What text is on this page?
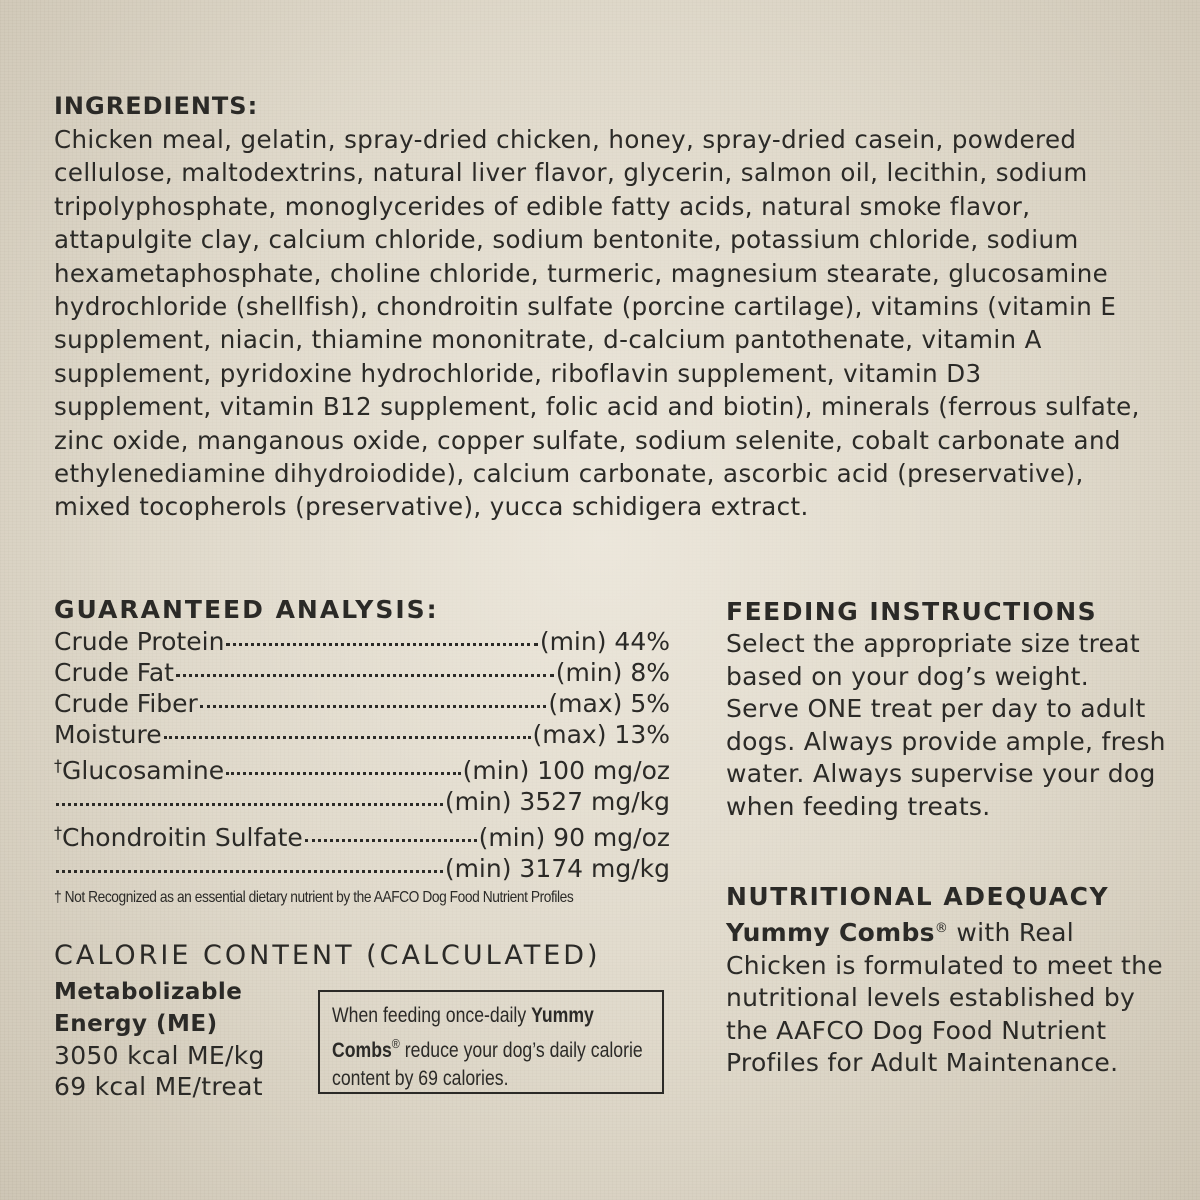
INGREDIENTS:

Chicken meal, gelatin, spray-dried chicken, honey, spray-dried casein, powdered cellulose, maltodextrins, natural liver flavor, glycerin, salmon oil, lecithin, sodium tripolyphosphate, monoglycerides of edible fatty acids, natural smoke flavor, attapulgite clay, calcium chloride, sodium bentonite, potassium chloride, sodium hexametaphosphate, choline chloride, turmeric, magnesium stearate, glucosamine hydrochloride (shellfish), chondroitin sulfate (porcine cartilage), vitamins (vitamin E supplement, niacin, thiamine mononitrate, d-calcium pantothenate, vitamin A supplement, pyridoxine hydrochloride, riboflavin supplement, vitamin D3 supplement, vitamin B12 supplement, folic acid and biotin), minerals (ferrous sulfate, zinc oxide, manganous oxide, copper sulfate, sodium selenite, cobalt carbonate and ethylenediamine dihydroiodide), calcium carbonate, ascorbic acid (preservative), mixed tocopherols (preservative), yucca schidigera extract.

GUARANTEED ANALYSIS:
Crude Protein	(min) 44%
Crude Fat	(min) 8%
Crude Fiber	(max) 5%
Moisture	(max) 13%
†Glucosamine	(min) 100 mg/oz
(min) 3527 mg/kg
†Chondroitin Sulfate	(min) 90 mg/oz
(min) 3174 mg/kg
† Not Recognized as an essential dietary nutrient by the AAFCO Dog Food Nutrient Profiles
CALORIE CONTENT (CALCULATED)

Metabolizable

Energy (ME)

3050 kcal ME/kg

69 kcal ME/treat

When feeding once-daily Yummy Combs® reduce your dog’s daily calorie content by 69 calories.
FEEDING INSTRUCTIONS

Select the appropriate size treat based on your dog’s weight. Serve ONE treat per day to adult dogs. Always provide ample, fresh water. Always supervise your dog when feeding treats.

NUTRITIONAL ADEQUACY

Yummy Combs® with Real Chicken is formulated to meet the nutritional levels established by the AAFCO Dog Food Nutrient Profiles for Adult Maintenance.
